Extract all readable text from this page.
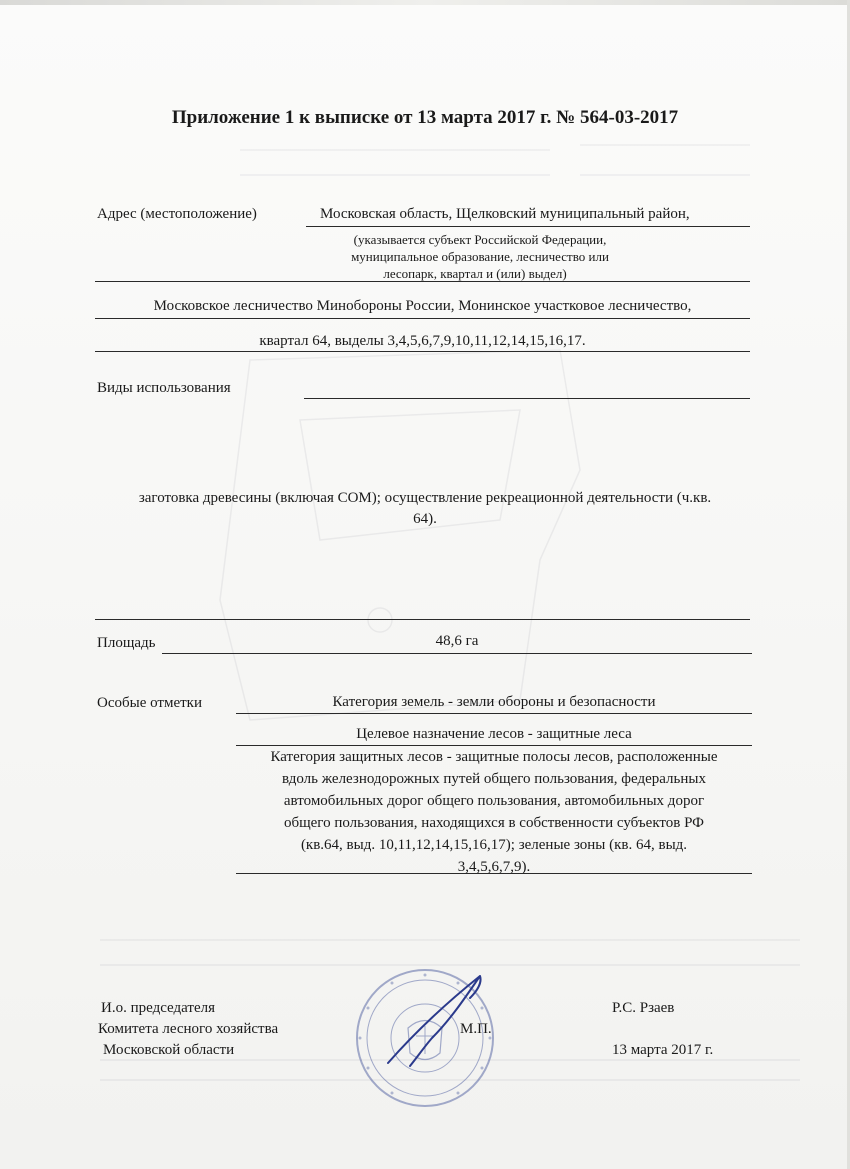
Приложение 1 к выписке от 13 марта 2017 г. № 564-03-2017
Адрес (местоположение)	Московская область, Щелковский муниципальный район,
(указывается субъект Российской Федерации,
муниципальное образование, лесничество или
лесопарк, квартал и (или) выдел)
Московское лесничество Минобороны России, Монинское участковое лесничество,
квартал 64, выделы 3,4,5,6,7,9,10,11,12,14,15,16,17.
Виды использования
заготовка древесины (включая СОМ); осуществление рекреационной деятельности (ч.кв.
64).
Площадь	48,6 га
Особые отметки	Категория земель - земли обороны и безопасности
Целевое назначение лесов - защитные леса
Категория защитных лесов - защитные полосы лесов, расположенные
вдоль железнодорожных путей общего пользования, федеральных
автомобильных дорог общего пользования, автомобильных дорог
общего пользования, находящихся в собственности субъектов РФ
(кв.64, выд. 10,11,12,14,15,16,17); зеленые зоны (кв. 64, выд.
3,4,5,6,7,9).
И.о. председателя
Комитета лесного хозяйства
Московской области
М.П.
Р.С. Рзаев
13 марта 2017 г.
